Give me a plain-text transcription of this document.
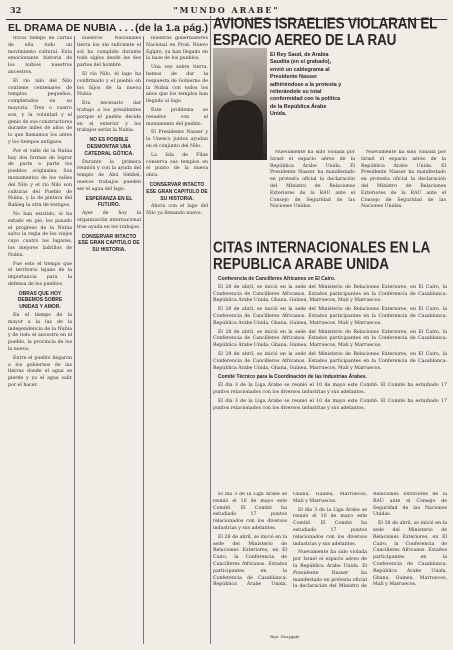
32	"MUNDO ARABE"
EL DRAMA DE NUBIA . . . (de la 1.a pág.)

tricos tiempo de cartas de ella todo un movimiento cultural. Esta emocionante historia de los nubios nuestros ancestros.

El río nilo del Nilo contiene centenares de templos pequeños, completados en su mayoría. Tres o cuatro son, y la voluntad y el genio de sus constructores durante miles de años de lo que llamamos los antes y los tiempos antiguos.

Por el valle de la Nubia hay dos formas de lograr de parte a parte los pueblos originales. Sus monumentos de los valles del Nilo y el río Nilo son culturas del Pueblo de Nubia, y la de pintura del Bahieg la otra de testigos.

No han existido, si ha estado en pie, los pasado el progreso de la Nubia salvo la regla de los viejos cuyo cuatro los lugares, los mejores ladrillos de Nubia.

Fue esto el tiempo que el territorio lejano de la importancia para la defensa de los pueblos.

OBRAS QUE HOY DEBEMOS SOBRE UNIDAS Y AMOR.

En el tiempo de la mayor a la luz de la independencia de la Nubia y de todo el ancestro en el pueblo, la provincia de los la nueva.

Entre el pueblo llegaron a los gobiernos de las tierras donde el agua se pierde y ya el agua salir por el hacer.

nuestros Nacionales tierra los sin suficiente el sol ha cumplido durante todo siglos desde las dos partes del hombre.

El río Nilo, el lago ha confirmado y el pueblo en los hijos de la nueva Nubia.

Era necesario dar trabajo a los presidentes porque el pueblo decide en el exterior y los trabajos serán la Nubia.

NO ES POSIBLE DESMONTAR UNA CATEDRAL GÓTICA.

Durante la primera reunión y con la ayuda del templo de Abú Simbel, nuevos trabajos pueden ser el agua del lago.

ESPERANZA EN EL FUTURO.

Ayer de hoy la organización internacional trae ayuda en los trabajos.

CONSERVAR INTACTO ESE GRAN CAPITULO DE SU HISTORIA.

nuestros gobernadores Nacional en Prod. Nuevo Egipto, ya han llegado en la base de los pueblos.

Una vez sobre tierra, hemos de dar la respuesta de Gobierno de la Nubia con todos los años que los templos han llegado al lago.

Este problema se resuelve con el monumento del pueblo.

El Presidente Nasser y la Unesco juntos ayudan en el conjunto del Nilo.

La Isla de Filae conserva sus templos en el punto de la nueva obra.

CONSERVAR INTACTO ESE GRAN CAPITULO DE SU HISTORIA.

Ahora con el lago del Nilo ya llenando nuevo.

AVIONES ISRAELIES VIOLARAN EL ESPACIO AEREO DE LA RAU
El Rey Saud, de Arabia Saudita (en el grabado), envió un cablegrama al Presidente Nasser adhiriéndose a la protesta y reiterándole su total conformidad con la política de la República Árabe Unida.

Nuevamente ha sido violada por Israel el espacio aéreo de la República Árabe Unida. El Presidente Nasser ha manifestado en protesta oficial la declaración del Ministro de Relaciones Exteriores de la RAU ante el Consejo de Seguridad de las Naciones Unidas.

Nuevamente ha sido violada por Israel el espacio aéreo de la República Árabe Unida. El Presidente Nasser ha manifestado en protesta oficial la declaración del Ministro de Relaciones Exteriores de la RAU ante el Consejo de Seguridad de las Naciones Unidas.

CITAS INTERNACIONALES EN LA REPUBLICA ARABE UNIDA

Conferencia de Cancilleres Africanos en El Cairo.

El 28 de abril, se inició en la sede del Ministerio de Relaciones Exteriores, en El Cairo, la Conferencia de Cancilleres Africanos. Estados participantes en la Conferencia de Casablanca: República Árabe Unida, Ghana, Guinea, Marruecos, Malí y Marruecos.

El 28 de abril, se inició en la sede del Ministerio de Relaciones Exteriores, en El Cairo, la Conferencia de Cancilleres Africanos. Estados participantes en la Conferencia de Casablanca: República Árabe Unida, Ghana, Guinea, Marruecos, Malí y Marruecos.

El 28 de abril, se inició en la sede del Ministerio de Relaciones Exteriores, en El Cairo, la Conferencia de Cancilleres Africanos. Estados participantes en la Conferencia de Casablanca: República Árabe Unida, Ghana, Guinea, Marruecos, Malí y Marruecos.

El 28 de abril, se inició en la sede del Ministerio de Relaciones Exteriores, en El Cairo, la Conferencia de Cancilleres Africanos. Estados participantes en la Conferencia de Casablanca: República Árabe Unida, Ghana, Guinea, Marruecos, Malí y Marruecos.

Comité Técnico para la Coordinación de las Industrias Árabes.

El día 3 de la Liga Árabe se reunió el 10 de mayo este Comité. El Comité ha estudiado 17 puntos relacionados con los diversos industrias y sus adelantos.

El día 3 de la Liga Árabe se reunió el 10 de mayo este Comité. El Comité ha estudiado 17 puntos relacionados con los diversos industrias y sus adelantos.

El día 3 de la Liga Árabe se reunió el 10 de mayo este Comité. El Comité ha estudiado 17 puntos relacionados con los diversos industrias y sus adelantos.

El 28 de abril, se inició en la sede del Ministerio de Relaciones Exteriores, en El Cairo, la Conferencia de Cancilleres Africanos. Estados participantes en la Conferencia de Casablanca: República Árabe Unida, Ghana, Guinea, Marruecos, Malí y Marruecos.

El día 3 de la Liga Árabe se reunió el 10 de mayo este Comité. El Comité ha estudiado 17 puntos relacionados con los diversos industrias y sus adelantos.

Nuevamente ha sido violada por Israel el espacio aéreo de la República Árabe Unida. El Presidente Nasser ha manifestado en protesta oficial la declaración del Ministro de Relaciones Exteriores de la RAU ante el Consejo de Seguridad de las Naciones Unidas.

El 28 de abril, se inició en la sede del Ministerio de Relaciones Exteriores, en El Cairo, la Conferencia de Cancilleres Africanos. Estados participantes en la Conferencia de Casablanca: República Árabe Unida, Ghana, Guinea, Marruecos, Malí y Marruecos.

Rep. Nosygafe
